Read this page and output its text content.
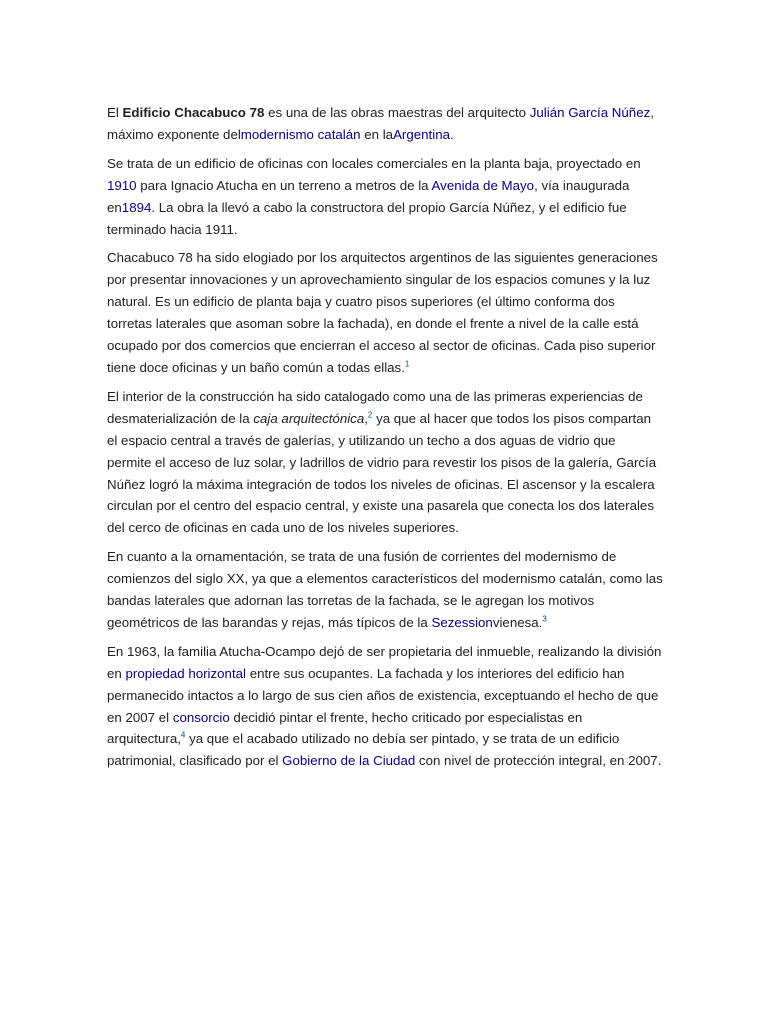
El Edificio Chacabuco 78 es una de las obras maestras del arquitecto Julián García Núñez, máximo exponente delmodernismo catalán en laArgentina.

Se trata de un edificio de oficinas con locales comerciales en la planta baja, proyectado en 1910 para Ignacio Atucha en un terreno a metros de la Avenida de Mayo, vía inaugurada en1894. La obra la llevó a cabo la constructora del propio García Núñez, y el edificio fue terminado hacia 1911.

Chacabuco 78 ha sido elogiado por los arquitectos argentinos de las siguientes generaciones por presentar innovaciones y un aprovechamiento singular de los espacios comunes y la luz natural. Es un edificio de planta baja y cuatro pisos superiores (el último conforma dos torretas laterales que asoman sobre la fachada), en donde el frente a nivel de la calle está ocupado por dos comercios que encierran el acceso al sector de oficinas. Cada piso superior tiene doce oficinas y un baño común a todas ellas.$^1$

El interior de la construcción ha sido catalogado como una de las primeras experiencias de desmaterialización de la caja arquitectónica,$^2$ ya que al hacer que todos los pisos compartan el espacio central a través de galerías, y utilizando un techo a dos aguas de vidrio que permite el acceso de luz solar, y ladrillos de vidrio para revestir los pisos de la galería, García Núñez logró la máxima integración de todos los niveles de oficinas. El ascensor y la escalera circulan por el centro del espacio central, y existe una pasarela que conecta los dos laterales del cerco de oficinas en cada uno de los niveles superiores.

En cuanto a la ornamentación, se trata de una fusión de corrientes del modernismo de comienzos del siglo XX, ya que a elementos característicos del modernismo catalán, como las bandas laterales que adornan las torretas de la fachada, se le agregan los motivos geométricos de las barandas y rejas, más típicos de la Sezessionvienesa.$^3$

En 1963, la familia Atucha-Ocampo dejó de ser propietaria del inmueble, realizando la división en propiedad horizontal entre sus ocupantes. La fachada y los interiores del edificio han permanecido intactos a lo largo de sus cien años de existencia, exceptuando el hecho de que en 2007 el consorcio decidió pintar el frente, hecho criticado por especialistas en arquitectura,$^4$ ya que el acabado utilizado no debía ser pintado, y se trata de un edificio patrimonial, clasificado por el Gobierno de la Ciudad con nivel de protección integral, en 2007.
